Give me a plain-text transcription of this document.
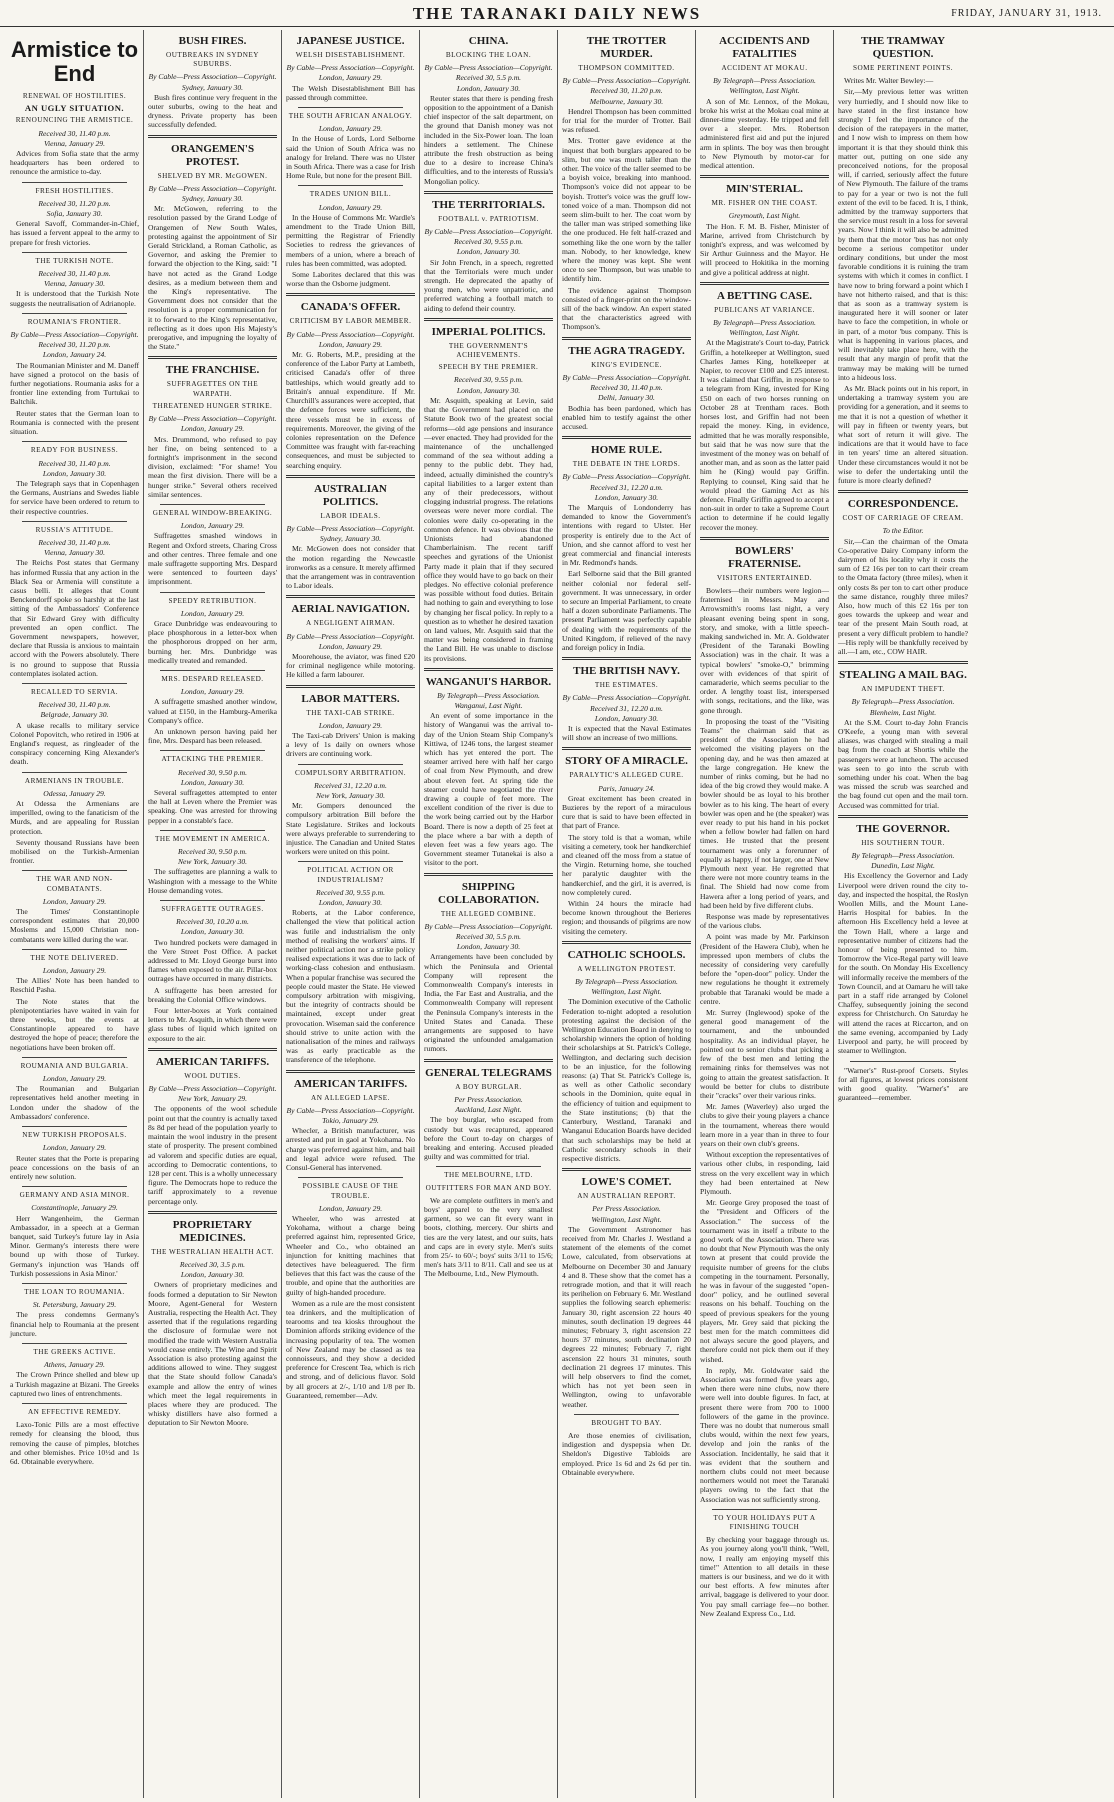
THE TARANAKI DAILY NEWS	FRIDAY, JANUARY 31, 1913.
Armistice to End
RENEWAL OF HOSTILITIES.
AN UGLY SITUATION.
RENOUNCING THE ARMISTICE.
Received 30, 11.40 p.m.
Vienna, January 29.

Advices from Sofia state that the army headquarters has been ordered to renounce the armistice to-day.

FRESH HOSTILITIES.
Received 30, 11.20 p.m.
Sofia, January 30.

General Savoff, Commander-in-Chief, has issued a fervent appeal to the army to prepare for fresh victories.

THE TURKISH NOTE.
Received 30, 11.40 p.m.
Vienna, January 30.

It is understood that the Turkish Note suggests the neutralisation of Adrianople.

ROUMANIA'S FRONTIER.
By Cable—Press Association—Copyright.
Received 30, 11.20 p.m.
London, January 24.

The Roumanian Minister and M. Daneff have signed a protocol on the basis of further negotiations. Roumania asks for a frontier line extending from Turtukai to Baltchik.

Reuter states that the German loan to Roumania is connected with the present situation.

READY FOR BUSINESS.
Received 30, 11.40 p.m.
London, January 30.

The Telegraph says that in Copenhagen the Germans, Austrians and Swedes liable for service have been ordered to return to their respective countries.

RUSSIA'S ATTITUDE.
Received 30, 11.40 p.m.
Vienna, January 30.

The Reichs Post states that Germany has informed Russia that any action in the Black Sea or Armenia will constitute a casus belli. It alleges that Count Benckendorff spoke so harshly at the last sitting of the Ambassadors' Conference that Sir Edward Grey with difficulty prevented an open conflict. The Government newspapers, however, declare that Russia is anxious to maintain accord with the Powers absolutely. There is no ground to suppose that Russia contemplates isolated action.

RECALLED TO SERVIA.
Received 30, 11.40 p.m.
Belgrade, January 30.

A ukase recalls to military service Colonel Popovitch, who retired in 1906 at England's request, as ringleader of the conspiracy concerning King Alexander's death.

ARMENIANS IN TROUBLE.
Odessa, January 29.

At Odessa the Armenians are imperilled, owing to the fanaticism of the Murds, and are appealing for Russian protection.

Seventy thousand Russians have been mobilised on the Turkish-Armenian frontier.

THE WAR AND NON-COMBATANTS.
London, January 29.

The Times' Constantinople correspondent estimates that 20,000 Moslems and 15,000 Christian non-combatants were killed during the war.

THE NOTE DELIVERED.
London, January 29.

The Allies' Note has been handed to Reschid Pasha.

The Note states that the plenipotentiaries have waited in vain for three weeks, but the events at Constantinople appeared to have destroyed the hope of peace; therefore the negotiations have been broken off.

ROUMANIA AND BULGARIA.
London, January 29.

The Roumanian and Bulgarian representatives held another meeting in London under the shadow of the Ambassadors' conference.

NEW TURKISH PROPOSALS.
London, January 29.

Reuter states that the Porte is preparing peace concessions on the basis of an entirely new solution.

GERMANY AND ASIA MINOR.
Constantinople, January 29.

Herr Wangenheim, the German Ambassador, in a speech at a German banquet, said Turkey's future lay in Asia Minor. Germany's interests there were bound up with those of Turkey. Germany's injunction was 'Hands off Turkish possessions in Asia Minor.'

THE LOAN TO ROUMANIA.
St. Petersburg, January 29.

The press condemns Germany's financial help to Roumania at the present juncture.

THE GREEKS ACTIVE.
Athens, January 29.

The Crown Prince shelled and blew up a Turkish magazine at Bizani. The Greeks captured two lines of entrenchments.

AN EFFECTIVE REMEDY.

Laxo-Tonic Pills are a most effective remedy for cleansing the blood, thus removing the cause of pimples, blotches and other blemishes. Price 10½d and 1s 6d. Obtainable everywhere.

BUSH FIRES.
OUTBREAKS IN SYDNEY SUBURBS.
By Cable—Press Association—Copyright.
Sydney, January 30.

Bush fires continue very frequent in the outer suburbs, owing to the heat and dryness. Private property has been successfully defended.

ORANGEMEN'S PROTEST.
SHELVED BY MR. McGOWEN.
By Cable—Press Association—Copyright.
Sydney, January 30.

Mr. McGowen, referring to the resolution passed by the Grand Lodge of Orangemen of New South Wales, protesting against the appointment of Sir Gerald Strickland, a Roman Catholic, as Governor, and asking the Premier to forward the objection to the King, said: "I have not acted as the Grand Lodge desires, as a medium between them and the King's representative. The Government does not consider that the resolution is a proper communication for it to forward to the King's representative, reflecting as it does upon His Majesty's prerogative, and impugning the loyalty of the State."

THE FRANCHISE.
SUFFRAGETTES ON THE WARPATH.
THREATENED HUNGER STRIKE.
By Cable—Press Association—Copyright.
London, January 29.

Mrs. Drummond, who refused to pay her fine, on being sentenced to a fortnight's imprisonment in the second division, exclaimed: "For shame! You mean the first division. There will be a hunger strike." Several others received similar sentences.

GENERAL WINDOW-BREAKING.
London, January 29.

Suffragettes smashed windows in Regent and Oxford streets, Charing Cross and other centres. Three female and one male suffragette supporting Mrs. Despard were sentenced to fourteen days' imprisonment.

SPEEDY RETRIBUTION.
London, January 29.

Grace Dunbridge was endeavouring to place phosphorous in a letter-box when the phosphorous dropped on her arm, burning her. Mrs. Dunbridge was medically treated and remanded.

MRS. DESPARD RELEASED.
London, January 29.

A suffragette smashed another window, valued at £150, in the Hamburg-Amerika Company's office.

An unknown person having paid her fine, Mrs. Despard has been released.

ATTACKING THE PREMIER.
Received 30, 9.50 p.m.
London, January 30.

Several suffragettes attempted to enter the hall at Leven where the Premier was speaking. One was arrested for throwing pepper in a constable's face.

THE MOVEMENT IN AMERICA.
Received 30, 9.50 p.m.
New York, January 30.

The suffragettes are planning a walk to Washington with a message to the White House demanding votes.

SUFFRAGETTE OUTRAGES.
Received 30, 10.20 a.m.
London, January 30.

Two hundred pockets were damaged in the Vere Street Post Office. A packet addressed to Mr. Lloyd George burst into flames when exposed to the air. Pillar-box outrages have occurred in many districts.

A suffragette has been arrested for breaking the Colonial Office windows.

Four letter-boxes at York contained letters to Mr. Asquith, in which there were glass tubes of liquid which ignited on exposure to the air.

AMERICAN TARIFFS.
WOOL DUTIES.
By Cable—Press Association—Copyright.
New York, January 29.

The opponents of the wool schedule point out that the country is actually taxed 8s 8d per head of the population yearly to maintain the wool industry in the present state of prosperity. The present combined ad valorem and specific duties are equal, according to Democratic contentions, to 128 per cent. This is a wholly unnecessary figure. The Democrats hope to reduce the tariff approximately to a revenue percentage only.

PROPRIETARY MEDICINES.
THE WESTRALIAN HEALTH ACT.
Received 30, 3.5 p.m.
London, January 30.

Owners of proprietary medicines and foods formed a deputation to Sir Newton Moore, Agent-General for Western Australia, respecting the Health Act. They asserted that if the regulations regarding the disclosure of formulae were not modified the trade with Western Australia would cease entirely. The Wine and Spirit Association is also protesting against the additions allowed to wine. They suggest that the State should follow Canada's example and allow the entry of wines which meet the legal requirements in places where they are produced. The whisky distillers have also formed a deputation to Sir Newton Moore.

JAPANESE JUSTICE.
WELSH DISESTABLISHMENT.
By Cable—Press Association—Copyright.
London, January 29.

The Welsh Disestablishment Bill has passed through committee.

THE SOUTH AFRICAN ANALOGY.
London, January 29.

In the House of Lords, Lord Selborne said the Union of South Africa was no analogy for Ireland. There was no Ulster in South Africa. There was a case for Irish Home Rule, but none for the present Bill.

TRADES UNION BILL.
London, January 29.

In the House of Commons Mr. Wardle's amendment to the Trade Union Bill, permitting the Registrar of Friendly Societies to redress the grievances of members of a union, where a breach of rules has been committed, was adopted.

Some Laborites declared that this was worse than the Osborne judgment.

CANADA'S OFFER.
CRITICISM BY LABOR MEMBER.
By Cable—Press Association—Copyright.
London, January 29.

Mr. G. Roberts, M.P., presiding at the conference of the Labor Party at Lambeth, criticised Canada's offer of three battleships, which would greatly add to Britain's annual expenditure. If Mr. Churchill's assurances were accepted, that the defence forces were sufficient, the three vessels must be in excess of requirements. Moreover, the giving of the colonies representation on the Defence Committee was fraught with far-reaching consequences, and must be subjected to searching enquiry.

AUSTRALIAN POLITICS.
LABOR IDEALS.
By Cable—Press Association—Copyright.
Sydney, January 30.

Mr. McGowen does not consider that the motion regarding the Newcastle ironworks as a censure. It merely affirmed that the arrangement was in contravention to Labor ideals.

AERIAL NAVIGATION.
A NEGLIGENT AIRMAN.
By Cable—Press Association—Copyright.
London, January 29.

Moorehouse, the aviator, was fined £20 for criminal negligence while motoring. He killed a farm labourer.

LABOR MATTERS.
THE TAXI-CAB STRIKE.
London, January 29.

The Taxi-cab Drivers' Union is making a levy of 1s daily on owners whose drivers are continuing work.

COMPULSORY ARBITRATION.
Received 31, 12.20 a.m.
New York, January 30.

Mr. Gompers denounced the compulsory arbitration Bill before the State Legislature. Strikes and lockouts were always preferable to surrendering to injustice. The Canadian and United States workers were united on this point.

POLITICAL ACTION OR INDUSTRIALISM?
Received 30, 9.55 p.m.
London, January 30.

Roberts, at the Labor conference, challenged the view that political action was futile and industrialism the only method of realising the workers' aims. If neither political action nor a strike policy realised expectations it was due to lack of working-class cohesion and enthusiasm. When a popular franchise was secured the people could master the State. He viewed compulsory arbitration with misgiving, but the integrity of contracts should be maintained, except under great provocation. Wiseman said the conference should strive to unite action with the nationalisation of the mines and railways was as early practicable as the transference of the telephone.

AMERICAN TARIFFS.
AN ALLEGED LAPSE.
By Cable—Press Association—Copyright.
Tokio, January 29.

Whecler, a British manufacturer, was arrested and put in gaol at Yokohama. No charge was preferred against him, and bail and legal advice were refused. The Consul-General has intervened.

POSSIBLE CAUSE OF THE TROUBLE.
London, January 29.

Wheeler, who was arrested at Yokohama, without a charge being preferred against him, represented Grice, Wheeler and Co., who obtained an injunction for knitting machines that detectives have beleaguered. The firm believes that this fact was the cause of the trouble, and opine that the authorities are guilty of high-handed procedure.

Women as a rule are the most consistent tea drinkers, and the multiplication of tearooms and tea kiosks throughout the Dominion affords striking evidence of the increasing popularity of tea. The women of New Zealand may be classed as tea connoisseurs, and they show a decided preference for Crescent Tea, which is rich and strong, and of delicious flavor. Sold by all grocers at 2/-, 1/10 and 1/8 per lb. Guaranteed, remember—Adv.

CHINA.
BLOCKING THE LOAN.
By Cable—Press Association—Copyright.
Received 30, 5.5 p.m.
London, January 30.

Reuter states that there is pending fresh opposition to the appointment of a Danish chief inspector of the salt department, on the ground that Danish money was not included in the Six-Power loan. The loan hinders a settlement. The Chinese attribute the fresh obstruction as being due to a desire to increase China's difficulties, and to the interests of Russia's Mongolian policy.

THE TERRITORIALS.
FOOTBALL v. PATRIOTISM.
By Cable—Press Association—Copyright.
Received 30, 9.55 p.m.
London, January 30.

Sir John French, in a speech, regretted that the Territorials were much under strength. He deprecated the apathy of young men, who were unpatriotic, and preferred watching a football match to aiding to defend their country.

IMPERIAL POLITICS.
THE GOVERNMENT'S ACHIEVEMENTS.
SPEECH BY THE PREMIER.
Received 30, 9.55 p.m.
London, January 30.

Mr. Asquith, speaking at Levin, said that the Government had placed on the Statute Book two of the greatest social reforms—old age pensions and insurance —ever enacted. They had provided for the maintenance of the unchallenged command of the sea without adding a penny to the public debt. They had, indeed, actually diminished the country's capital liabilities to a larger extent than any of their predecessors, without clogging industrial progress. The relations overseas were never more cordial. The colonies were daily co-operating in the common defence. It was obvious that the Unionists had abandoned Chamberlainism. The recent tariff speeches and gyrations of the Unionist Party made it plain that if they secured office they would have to go back on their pledges. No effective colonial preference was possible without food duties. Britain had nothing to gain and everything to lose by changing her fiscal policy. In reply to a question as to whether he desired taxation on land values, Mr. Asquith said that the matter was being considered in framing the Land Bill. He was unable to disclose its provisions.

WANGANUI'S HARBOR.
By Telegraph—Press Association.
Wanganui, Last Night.

An event of some importance in the history of Wanganui was the arrival to-day of the Union Steam Ship Company's Kittiwa, of 1246 tons, the largest steamer which has yet entered the port. The steamer arrived here with half her cargo of coal from New Plymouth, and drew about eleven feet. At spring tide the steamer could have negotiated the river drawing a couple of feet more. The excellent condition of the river is due to the work being carried out by the Harbor Board. There is now a depth of 25 feet at the place where a bar with a depth of eleven feet was a few years ago. The Government steamer Tutanekai is also a visitor to the port.

SHIPPING COLLABORATION.
THE ALLEGED COMBINE.
By Cable—Press Association—Copyright.
Received 30, 5.5 p.m.
London, January 30.

Arrangements have been concluded by which the Peninsula and Oriental Company will represent the Commonwealth Company's interests in India, the Far East and Australia, and the Commonwealth Company will represent the Peninsula Company's interests in the United States and Canada. These arrangements are supposed to have originated the unfounded amalgamation rumors.

GENERAL TELEGRAMS
A BOY BURGLAR.
Per Press Association.
Auckland, Last Night.

The boy burglar, who escaped from custody but was recaptured, appeared before the Court to-day on charges of breaking and entering. Accused pleaded guilty and was committed for trial.

THE MELBOURNE, LTD.
OUTFITTERS FOR MAN AND BOY.

We are complete outfitters in men's and boys' apparel to the very smallest garment, so we can fit every want in boots, clothing, mercery. Our shirts and ties are the very latest, and our suits, hats and caps are in every style. Men's suits from 25/- to 60/-; boys' suits 3/11 to 15/6; men's hats 3/11 to 8/11. Call and see us at The Melbourne, Ltd., New Plymouth.

THE TROTTER MURDER.
THOMPSON COMMITTED.
By Cable—Press Association—Copyright.
Received 30, 11.20 p.m.
Melbourne, January 30.

Hendrel Thompson has been committed for trial for the murder of Trotter. Bail was refused.

Mrs. Trotter gave evidence at the inquest that both burglars appeared to be slim, but one was much taller than the other. The voice of the taller seemed to be a boyish voice, breaking into manhood. Thompson's voice did not appear to be boyish. Trotter's voice was the gruff low-toned voice of a man. Thompson did not seem slim-built to her. The coat worn by the taller man was striped something like the one produced. He felt half-crazed and something like the one worn by the taller man. Nobody, to her knowledge, knew where the money was kept. She went once to see Thompson, but was unable to identify him.

The evidence against Thompson consisted of a finger-print on the window-sill of the back window. An expert stated that the characteristics agreed with Thompson's.

THE AGRA TRAGEDY.
KING'S EVIDENCE.
By Cable—Press Association—Copyright.
Received 30, 11.40 p.m.
Delhi, January 30.

Bodhia has been pardoned, which has enabled him to testify against the other accused.

HOME RULE.
THE DEBATE IN THE LORDS.
By Cable—Press Association—Copyright.
Received 31, 12.20 a.m.
London, January 30.

The Marquis of Londonderry has demanded to know the Government's intentions with regard to Ulster. Her prosperity is entirely due to the Act of Union, and she cannot afford to vest her great commercial and financial interests in Mr. Redmond's hands.

Earl Selborne said that the Bill granted neither colonial nor federal self-government. It was unnecessary, in order to secure an Imperial Parliament, to create half a dozen subordinate Parliaments. The present Parliament was perfectly capable of dealing with the requirements of the United Kingdom, if relieved of the navy and foreign policy in India.

THE BRITISH NAVY.
THE ESTIMATES.
By Cable—Press Association—Copyright.
Received 31, 12.20 a.m.
London, January 30.

It is expected that the Naval Estimates will show an increase of two millions.

STORY OF A MIRACLE.
PARALYTIC'S ALLEGED CURE.
Paris, January 24.

Great excitement has been created in Buzieres by the report of a miraculous cure that is said to have been effected in that part of France.

The story told is that a woman, while visiting a cemetery, took her handkerchief and cleaned off the moss from a statue of the Virgin. Returning home, she touched her paralytic daughter with the handkerchief, and the girl, it is averred, is now completely cured.

Within 24 hours the miracle had become known throughout the Berieres region; and thousands of pilgrims are now visiting the cemetery.

CATHOLIC SCHOOLS.
A WELLINGTON PROTEST.
By Telegraph—Press Association.
Wellington, Last Night.

The Dominion executive of the Catholic Federation to-night adopted a resolution protesting against the decision of the Wellington Education Board in denying to scholarship winners the option of holding their scholarships at St. Patrick's College, Wellington, and declaring such decision to be an injustice, for the following reasons: (a) That St. Patrick's College is, as well as other Catholic secondary schools in the Dominion, quite equal in the efficiency of tuition and equipment to the State institutions; (b) that the Canterbury, Westland, Taranaki and Wanganui Education Boards have decided that such scholarships may be held at Catholic secondary schools in their respective districts.

LOWE'S COMET.
AN AUSTRALIAN REPORT.
Per Press Association.
Wellington, Last Night.

The Government Astronomer has received from Mr. Charles J. Westland a statement of the elements of the comet Lowe, calculated, from observations at Melbourne on December 30 and January 4 and 8. These show that the comet has a retrograde motion, and that it will reach its perihelion on February 6. Mr. Westland supplies the following search ephemeris: January 30, right ascension 22 hours 40 minutes, south declination 19 degrees 44 minutes; February 3, right ascension 22 hours 37 minutes, south declination 20 degrees 22 minutes; February 7, right ascension 22 hours 31 minutes, south declination 21 degrees 17 minutes. This will help observers to find the comet, which has not yet been seen in Wellington, owing to unfavorable weather.

BROUGHT TO BAY.

Are those enemies of civilisation, indigestion and dyspepsia when Dr. Sheldon's Digestive Tabloids are employed. Price 1s 6d and 2s 6d per tin. Obtainable everywhere.

ACCIDENTS AND FATALITIES
ACCIDENT AT MOKAU.
By Telegraph—Press Association.
Wellington, Last Night.

A son of Mr. Lennox, of the Mokau, broke his wrist at the Mokau coal mine at dinner-time yesterday. He tripped and fell over a sleeper. Mrs. Robertson administered first aid and put the injured arm in splints. The boy was then brought to New Plymouth by motor-car for medical attention.

MIN'STERIAL.
MR. FISHER ON THE COAST.
Greymouth, Last Night.

The Hon. F. M. B. Fisher, Minister of Marine, arrived from Christchurch by tonight's express, and was welcomed by Sir Arthur Guinness and the Mayor. He will proceed to Hokitika in the morning and give a political address at night.

A BETTING CASE.
PUBLICANS AT VARIANCE.
By Telegraph—Press Association.
Wellington, Last Night.

At the Magistrate's Court to-day, Patrick Griffin, a hotelkeeper at Wellington, sued Charles James King, hotelkeeper at Napier, to recover £100 and £25 interest. It was claimed that Griffin, in response to a telegram from King, invested for King £50 on each of two horses running on October 28 at Trentham races. Both horses lost, and Griffin had not been repaid the money. King, in evidence, admitted that he was morally responsible, but said that he was now sure that the investment of the money was on behalf of another man, and as soon as the latter paid him he (King) would pay Griffin. Replying to counsel, King said that he would plead the Gaming Act as his defence. Finally Griffin agreed to accept a non-suit in order to take a Supreme Court action to determine if he could legally recover the money.

BOWLERS' FRATERNISE.
VISITORS ENTERTAINED.

Bowlers—their numbers were legion—fraternised in Messrs. May and Arrowsmith's rooms last night, a very pleasant evening being spent in song, story, and smoke, with a little speech-making sandwiched in. Mr. A. Goldwater (President of the Taranaki Bowling Association) was in the chair. It was a typical bowlers' "smoke-O," brimming over with evidences of that spirit of camaraderie, which seems peculiar to the order. A lengthy toast list, interspersed with songs, recitations, and the like, was gone through.

In proposing the toast of the "Visiting Teams" the chairman said that as president of the Association he had welcomed the visiting players on the opening day, and he was then amazed at the large congregation. He knew the number of rinks coming, but he had no idea of the big crowd they would make. A bowler should be as loyal to his brother bowler as to his king. The heart of every bowler was open and he (the speaker) was ever ready to put his hand in his pocket when a fellow bowler had fallen on hard times. He trusted that the present tournament was only a forerunner of equally as happy, if not larger, one at New Plymouth next year. He regretted that there were not more country teams in the final. The Shield had now come from Hawera after a long period of years, and had been held by five different clubs.

Response was made by representatives of the various clubs.

A point was made by Mr. Parkinson (President of the Hawera Club), when he impressed upon members of clubs the necessity of considering very carefully before the "open-door" policy. Under the new regulations he thought it extremely probable that Taranaki would be made a centre.

Mr. Surrey (Inglewood) spoke of the general good management of the tournament, and the unbounded hospitality. As an individual player, he pointed out to senior clubs that picking a few of the best men and letting the remaining rinks for themselves was not going to attain the greatest satisfaction. It would be better for clubs to distribute their "cracks" over their various rinks.

Mr. James (Waverley) also urged the clubs to give their young players a chance in the tournament, whereas there would learn more in a year than in three to four years on their own club's greens.

Without exception the representatives of various other clubs, in responding, laid stress on the very excellent way in which they had been entertained at New Plymouth.

Mr. George Grey proposed the toast of the "President and Officers of the Association." The success of the tournament was in itself a tribute to the good work of the Association. There was no doubt that New Plymouth was the only town at present that could provide the requisite number of greens for the clubs competing in the tournament. Personally, he was in favour of the suggested "open-door" policy, and he outlined several reasons on his behalf. Touching on the speed of previous speakers for the young players, Mr. Grey said that picking the best men for the match committees did not always secure the good players, and therefore could not pick them out if they wished.

In reply, Mr. Goldwater said the Association was formed five years ago, when there were nine clubs, now there were well into double figures. In fact, at present there were from 700 to 1000 followers of the game in the province. There was no doubt that numerous small clubs would, within the next few years, develop and join the ranks of the Association. Incidentally, he said that it was evident that the southern and northern clubs could not meet because northerners would not meet the Taranaki players owing to the fact that the Association was not sufficiently strong.

TO YOUR HOLIDAYS PUT A FINISHING TOUCH

By checking your baggage through us. As you journey along you'll think, "Well, now, I really am enjoying myself this time!" Attention to all details in these matters is our business, and we do it with our best efforts. A few minutes after arrival, baggage is delivered to your door. You pay small carriage fee—no bother. New Zealand Express Co., Ltd.

THE TRAMWAY QUESTION.
SOME PERTINENT POINTS.

Writes Mr. Walter Bewley:—

Sir,—My previous letter was written very hurriedly, and I should now like to have stated in the first instance how strongly I feel the importance of the decision of the ratepayers in the matter, and I now wish to impress on them how important it is that they should think this matter out, putting on one side any preconceived notions, for the proposal will, if carried, seriously affect the future of New Plymouth. The failure of the trams to pay for a year or two is not the full extent of the evil to be faced. It is, I think, admitted by the tramway supporters that the service must result in a loss for several years. Now I think it will also be admitted by them that the motor 'bus has not only become a serious competitor under ordinary conditions, but under the most favorable conditions it is ruining the tram systems with which it comes in conflict. I have now to bring forward a point which I have not hitherto raised, and that is this: that as soon as a tramway system is inaugurated here it will sooner or later have to face the competition, in whole or in part, of a motor 'bus company. This is what is happening in various places, and will inevitably take place here, with the result that any margin of profit that the tramway may be making will be turned into a hideous loss.

As Mr. Black points out in his report, in undertaking a tramway system you are providing for a generation, and it seems to me that it is not a question of whether it will pay in fifteen or twenty years, but what sort of return it will give. The indications are that it would have to face in ten years' time an altered situation. Under these circumstances would it not be wise to defer the undertaking until the future is more clearly defined?

CORRESPONDENCE.
COST OF CARRIAGE OF CREAM.
To the Editor.

Sir,—Can the chairman of the Omata Co-operative Dairy Company inform the dairymen of his locality why it costs the sum of £2 16s per ton to cart their cream to the Omata factory (three miles), when it only costs 8s per ton to cart other produce the same distance, roughly three miles? Also, how much of this £2 16s per ton goes towards the upkeep and wear and tear of the present Main South road, at present a very difficult problem to handle?—His reply will be thankfully received by all.—I am, etc., COW HAIR.

STEALING A MAIL BAG.
AN IMPUDENT THEFT.
By Telegraph—Press Association.
Blenheim, Last Night.

At the S.M. Court to-day John Francis O'Keefe, a young man with several aliases, was charged with stealing a mail bag from the coach at Shortis while the passengers were at luncheon. The accused was seen to go into the scrub with something under his coat. When the bag was missed the scrub was searched and the bag found cut open and the mail torn. Accused was committed for trial.

THE GOVERNOR.
HIS SOUTHERN TOUR.
By Telegraph—Press Association.
Dunedin, Last Night.

His Excellency the Governor and Lady Liverpool were driven round the city to-day, and inspected the hospital, the Roslyn Woollen Mills, and the Mount Lane-Harris Hospital for babies. In the afternoon His Excellency held a levee at the Town Hall, where a large and representative number of citizens had the honour of being presented to him. Tomorrow the Vice-Regal party will leave for the south. On Monday His Excellency will informally receive the members of the Town Council, and at Oamaru he will take part in a staff ride arranged by Colonel Chaffey, subsequently joining the second express for Christchurch. On Saturday he will attend the races at Riccarton, and on the same evening, accompanied by Lady Liverpool and party, he will proceed by steamer to Wellington.

"Warner's" Rust-proof Corsets. Styles for all figures, at lowest prices consistent with good quality. "Warner's" are guaranteed—remember.
